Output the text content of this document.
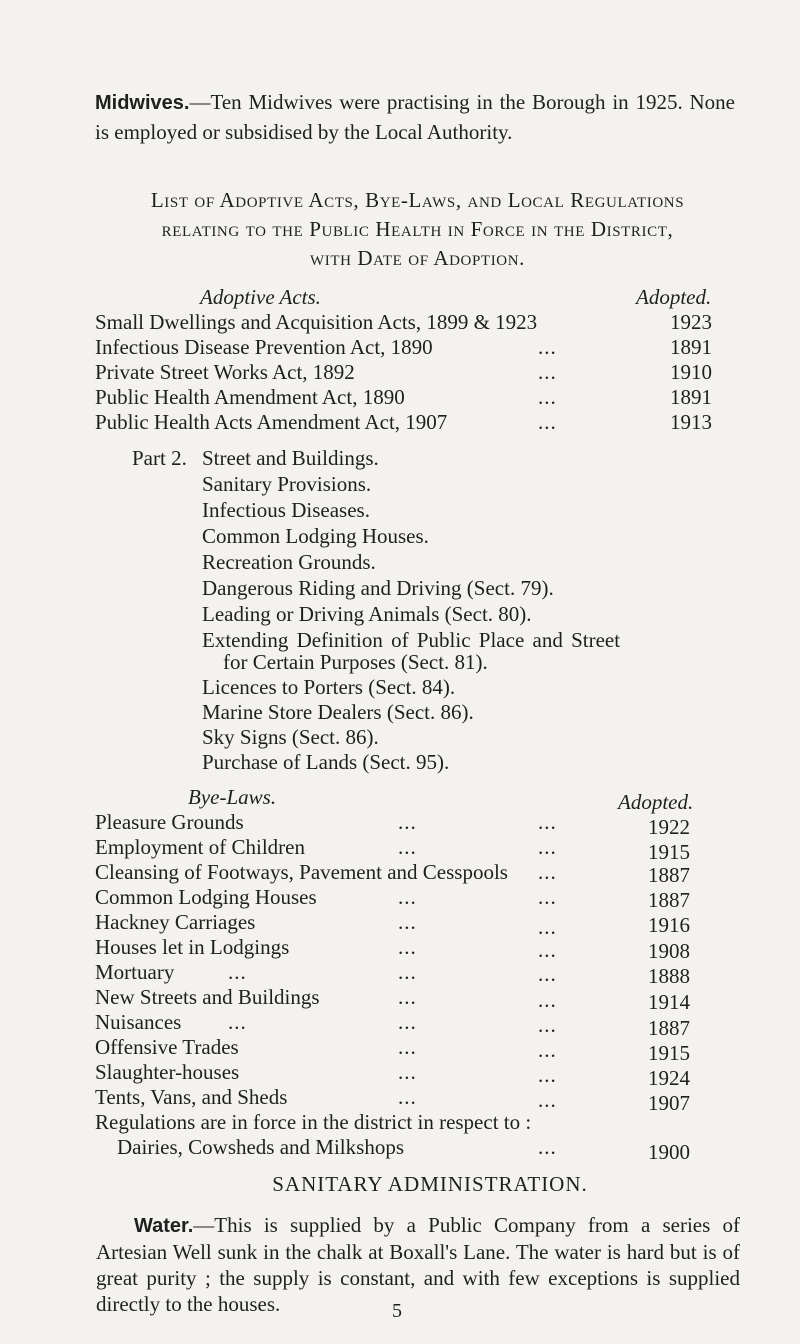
Midwives.—Ten Midwives were practising in the Borough in 1925. None is employed or subsidised by the Local Authority.
List of Adoptive Acts, Bye-Laws, and Local Regulations
relating to the Public Health in Force in the District,
with Date of Adoption.
Adoptive Acts.	Adopted.
Small Dwellings and Acquisition Acts, 1899 & 1923	1923
Infectious Disease Prevention Act, 1890	...	1891
Private Street Works Act, 1892	...	1910
Public Health Amendment Act, 1890	...	1891
Public Health Acts Amendment Act, 1907	...	1913
Part 2. Street and Buildings.
Sanitary Provisions.
Infectious Diseases.
Common Lodging Houses.
Recreation Grounds.
Dangerous Riding and Driving (Sect. 79).
Leading or Driving Animals (Sect. 80).
Extending Definition of Public Place and Street
for Certain Purposes (Sect. 81).
Licences to Porters (Sect. 84).
Marine Store Dealers (Sect. 86).
Sky Signs (Sect. 86).
Purchase of Lands (Sect. 95).
Bye-Laws.	Adopted.
Pleasure Grounds	...	...	1922
Employment of Children	...	...	1915
Cleansing of Footways, Pavement and Cesspools ...	1887
Common Lodging Houses	...	...	1887
Hackney Carriages	...	...	1916
Houses let in Lodgings	...	...	1908
Mortuary	...	...	...	1888
New Streets and Buildings	...	...	1914
Nuisances ...	...	...	1887
Offensive Trades	...	...	1915
Slaughter-houses	...	...	1924
Tents, Vans, and Sheds	...	...	1907
Regulations are in force in the district in respect to :
Dairies, Cowsheds and Milkshops	...	1900
SANITARY ADMINISTRATION.
Water.—This is supplied by a Public Company from a series of Artesian Well sunk in the chalk at Boxall's Lane. The water is hard but is of great purity ; the supply is constant, and with few exceptions is supplied directly to the houses.	5
